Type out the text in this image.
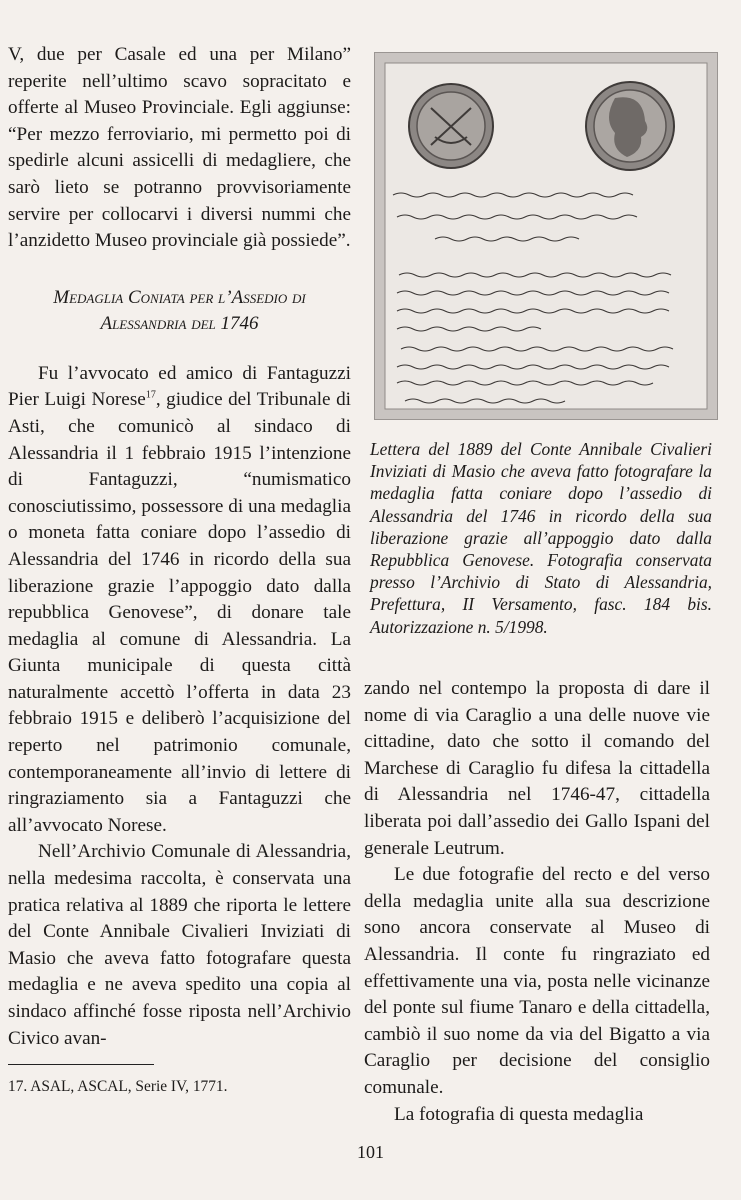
V, due per Casale ed una per Milano” reperite nell’ultimo scavo sopracitato e offerte al Museo Provinciale. Egli aggiunse: “Per mezzo ferroviario, mi permetto poi di spedirle alcuni assicelli di medagliere, che sarò lieto se potranno provvisoriamente servire per collocarvi i diversi nummi che l’anzidetto Museo provinciale già possiede”.

Medaglia Coniata per l’Assedio di
Alessandria del 1746

Fu l’avvocato ed amico di Fantaguzzi Pier Luigi Norese$^{17}$, giudice del Tribunale di Asti, che comunicò al sindaco di Alessandria il 1 febbraio 1915 l’intenzione di Fantaguzzi, “numismatico conosciutissimo, possessore di una medaglia o moneta fatta coniare dopo l’assedio di Alessandria del 1746 in ricordo della sua liberazione grazie l’appoggio dato dalla repubblica Genovese”, di donare tale medaglia al comune di Alessandria. La Giunta municipale di questa città naturalmente accettò l’offerta in data 23 febbraio 1915 e deliberò l’acquisizione del reperto nel patrimonio comunale, contemporaneamente all’invio di lettere di ringraziamento sia a Fantaguzzi che all’avvocato Norese.

Nell’Archivio Comunale di Alessandria, nella medesima raccolta, è conservata una pratica relativa al 1889 che riporta le lettere del Conte Annibale Civalieri Inviziati di Masio che aveva fatto fotografare questa medaglia e ne aveva spedito una copia al sindaco affinché fosse riposta nell’Archivio Civico avan-

Lettera del 1889 del Conte Annibale Civalieri Inviziati di Masio che aveva fatto fotografare la medaglia fatta coniare dopo l’assedio di Alessandria del 1746 in ricordo della sua liberazione grazie all’appoggio dato dalla Repubblica Genovese. Fotografia conservata presso l’Archivio di Stato di Alessandria, Prefettura, II Versamento, fasc. 184 bis. Autorizzazione n. 5/1998.

zando nel contempo la proposta di dare il nome di via Caraglio a una delle nuove vie cittadine, dato che sotto il comando del Marchese di Caraglio fu difesa la cittadella di Alessandria nel 1746-47, cittadella liberata poi dall’assedio dei Gallo Ispani del generale Leutrum.

Le due fotografie del recto e del verso della medaglia unite alla sua descrizione sono ancora conservate al Museo di Alessandria. Il conte fu ringraziato ed effettivamente una via, posta nelle vicinanze del ponte sul fiume Tanaro e della cittadella, cambiò il suo nome da via del Bigatto a via Caraglio per decisione del consiglio comunale.

La fotografia di questa medaglia

17. ASAL, ASCAL, Serie IV, 1771.
101
